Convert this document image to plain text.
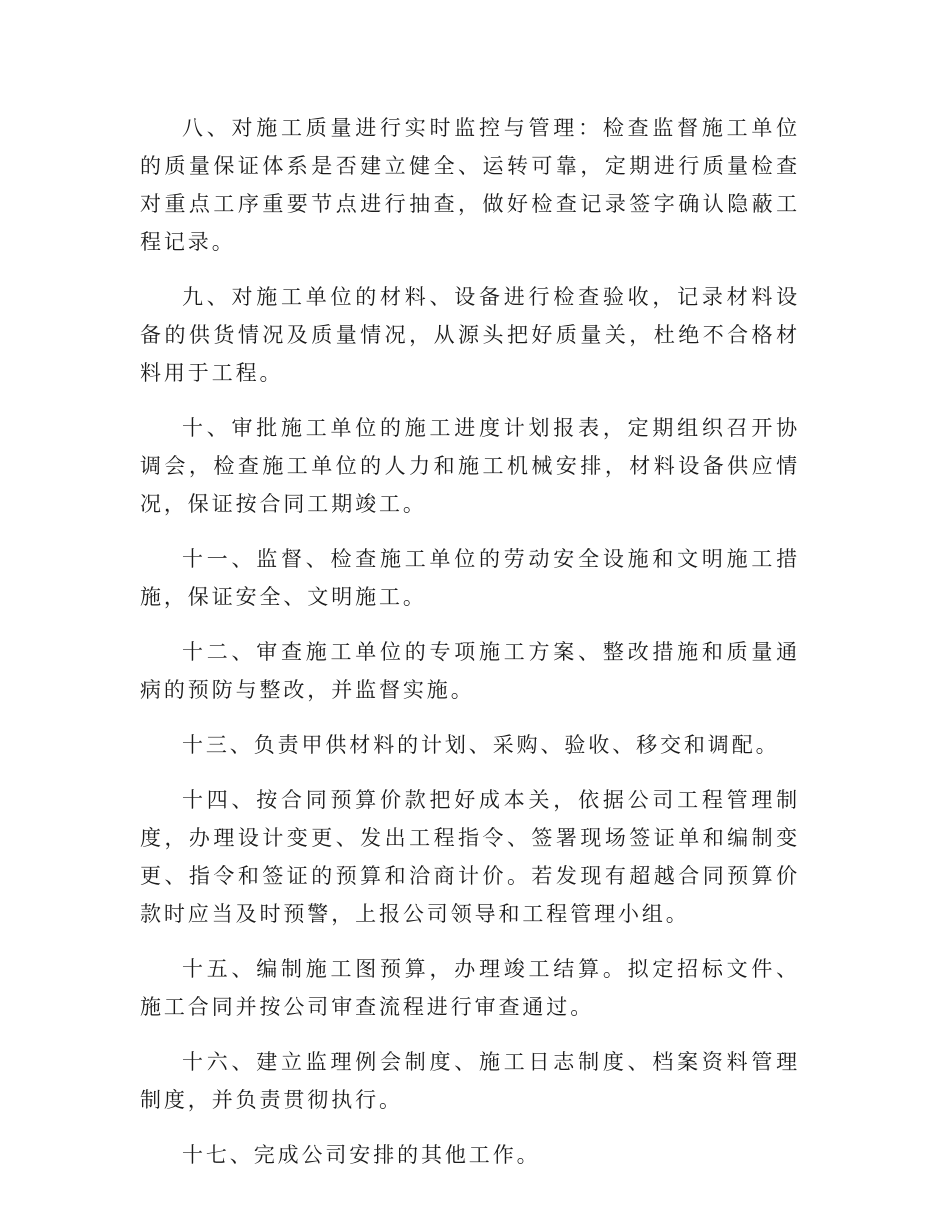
八、对施工质量进行实时监控与管理：检查监督施工单位的质量保证体系是否建立健全、运转可靠，定期进行质量检查对重点工序重要节点进行抽查，做好检查记录签字确认隐蔽工程记录。

九、对施工单位的材料、设备进行检查验收，记录材料设备的供货情况及质量情况，从源头把好质量关，杜绝不合格材料用于工程。

十、审批施工单位的施工进度计划报表，定期组织召开协调会，检查施工单位的人力和施工机械安排，材料设备供应情况，保证按合同工期竣工。

十一、监督、检查施工单位的劳动安全设施和文明施工措施，保证安全、文明施工。

十二、审查施工单位的专项施工方案、整改措施和质量通病的预防与整改，并监督实施。

十三、负责甲供材料的计划、采购、验收、移交和调配。

十四、按合同预算价款把好成本关，依据公司工程管理制度，办理设计变更、发出工程指令、签署现场签证单和编制变更、指令和签证的预算和洽商计价。若发现有超越合同预算价款时应当及时预警，上报公司领导和工程管理小组。

十五、编制施工图预算，办理竣工结算。拟定招标文件、施工合同并按公司审查流程进行审查通过。

十六、建立监理例会制度、施工日志制度、档案资料管理制度，并负责贯彻执行。

十七、完成公司安排的其他工作。
